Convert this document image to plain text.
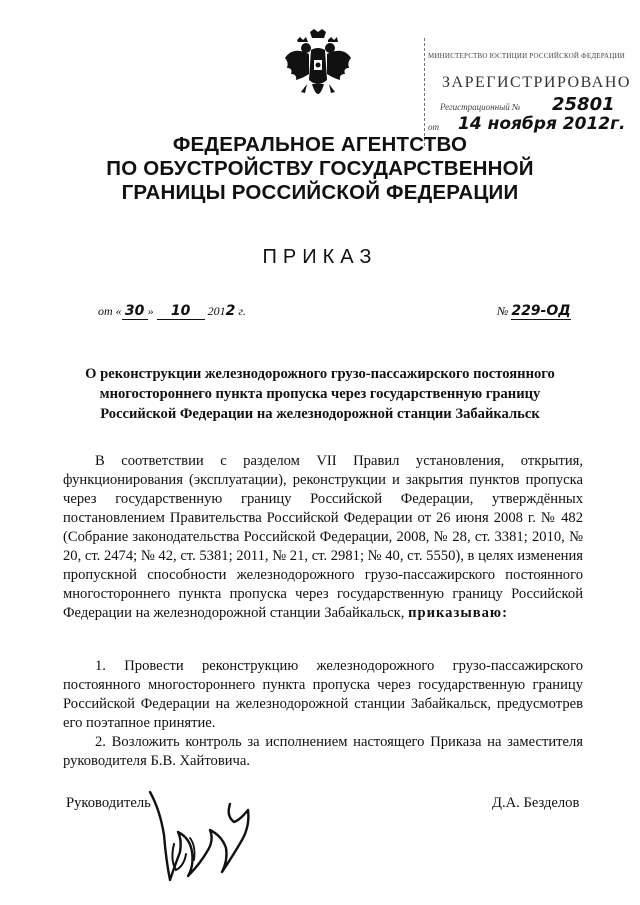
МИНИСТЕРСТВО ЮСТИЦИИ РОССИЙСКОЙ ФЕДЕРАЦИИ
ЗАРЕГИСТРИРОВАНО
Регистрационный № 25801
от 14 ноября 2012г.
ФЕДЕРАЛЬНОЕ АГЕНТСТВО
ПО ОБУСТРОЙСТВУ ГОСУДАРСТВЕННОЙ
ГРАНИЦЫ РОССИЙСКОЙ ФЕДЕРАЦИИ
ПРИКАЗ
от « 30 » 10 2012 г.	№ 229-ОД
О реконструкции железнодорожного грузо-пассажирского постоянного
многостороннего пункта пропуска через государственную границу
Российской Федерации на железнодорожной станции Забайкальск
В соответствии с разделом VII Правил установления, открытия, функционирования (эксплуатации), реконструкции и закрытия пунктов пропуска через государственную границу Российской Федерации, утверждённых постановлением Правительства Российской Федерации от 26 июня 2008 г. № 482 (Собрание законодательства Российской Федерации, 2008, № 28, ст. 3381; 2010, № 20, ст. 2474; № 42, ст. 5381; 2011, № 21, ст. 2981; № 40, ст. 5550), в целях изменения пропускной способности железнодорожного грузо-пассажирского постоянного многостороннего пункта пропуска через государственную границу Российской Федерации на железнодорожной станции Забайкальск, приказываю:

1. Провести реконструкцию железнодорожного грузо-пассажирского постоянного многостороннего пункта пропуска через государственную границу Российской Федерации на железнодорожной станции Забайкальск, предусмотрев его поэтапное принятие.

2. Возложить контроль за исполнением настоящего Приказа на заместителя руководителя Б.В. Хайтовича.

Руководитель	Д.А. Безделов
